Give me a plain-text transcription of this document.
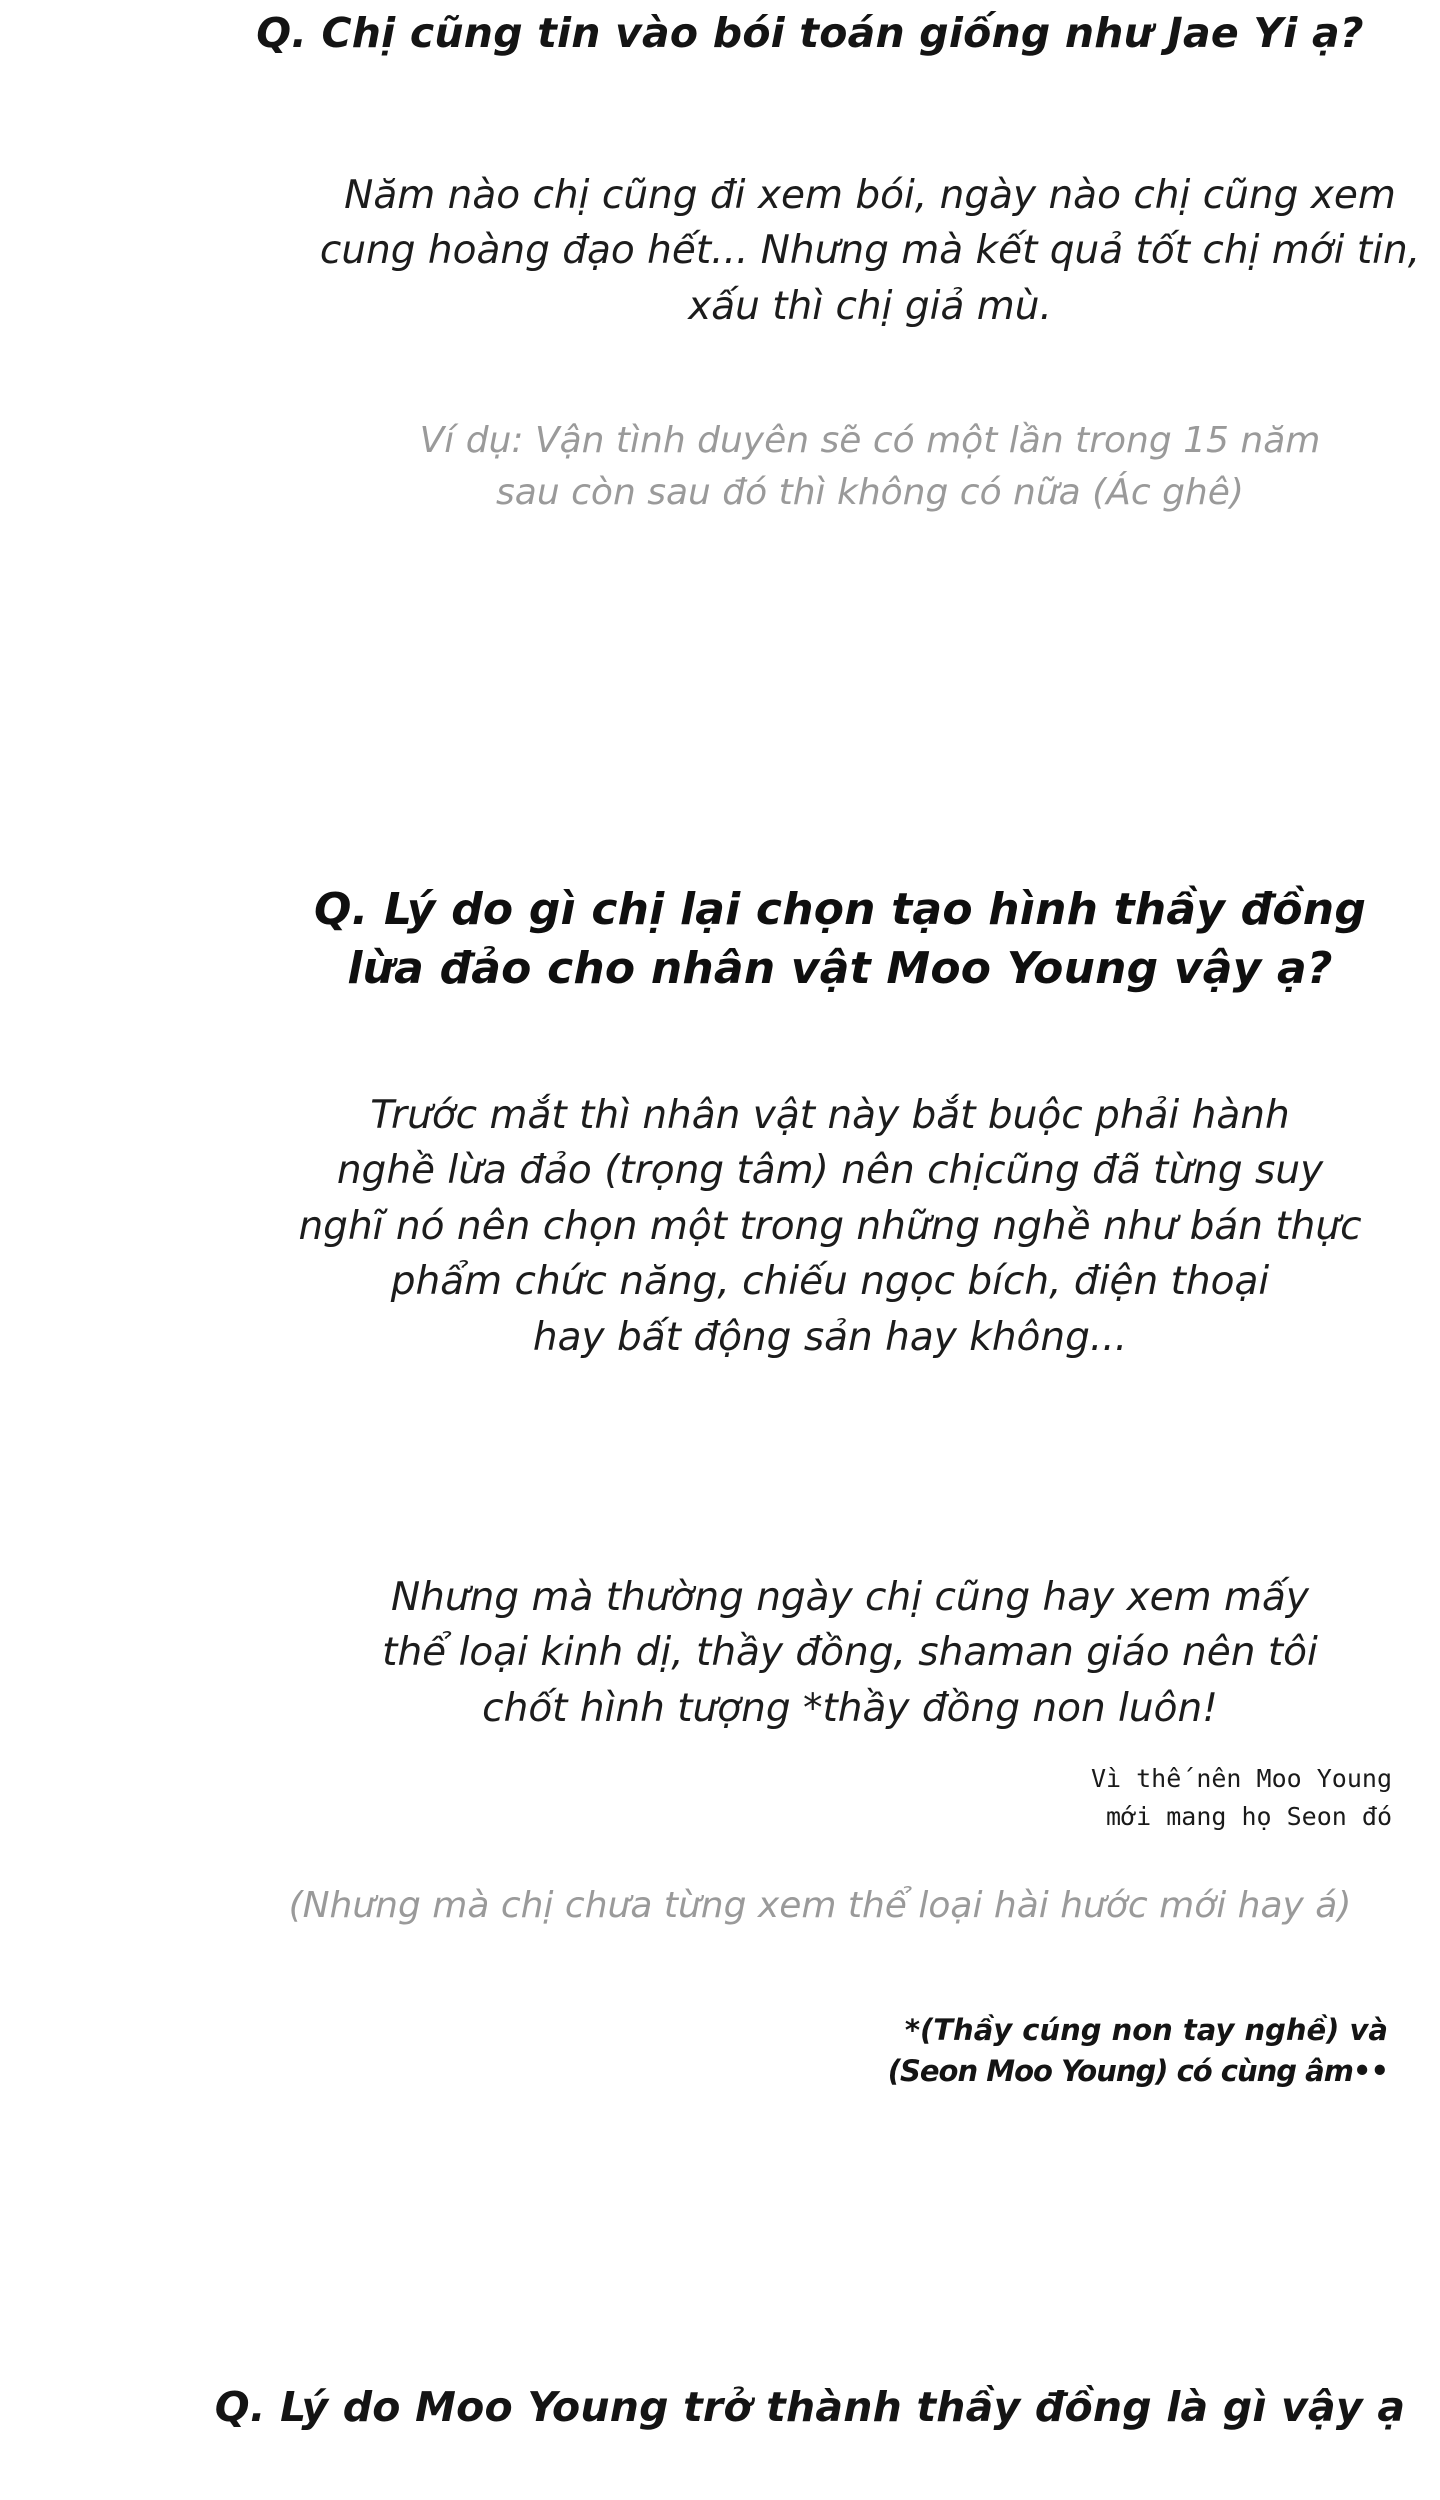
Q. Chị cũng tin vào bói toán giống như Jae Yi ạ?
Năm nào chị cũng đi xem bói, ngày nào chị cũng xem
cung hoàng đạo hết... Nhưng mà kết quả tốt chị mới tin,
xấu thì chị giả mù.
Ví dụ: Vận tình duyên sẽ có một lần trong 15 năm
sau còn sau đó thì không có nữa (Ác ghê)
Q. Lý do gì chị lại chọn tạo hình thầy đồng
lừa đảo cho nhân vật Moo Young vậy ạ?
Trước mắt thì nhân vật này bắt buộc phải hành
nghề lừa đảo (trọng tâm) nên chịcũng đã từng suy
nghĩ nó nên chọn một trong những nghề như bán thực
phẩm chức năng, chiếu ngọc bích, điện thoại
hay bất động sản hay không...
Nhưng mà thường ngày chị cũng hay xem mấy
thể loại kinh dị, thầy đồng, shaman giáo nên tôi
chốt hình tượng *thầy đồng non luôn!
Vì thế nên Moo Young
mới mang họ Seon đó
(Nhưng mà chị chưa từng xem thể loại hài hước mới hay á)
*(Thầy cúng non tay nghề) và
(Seon Moo Young) có cùng âm••
Q. Lý do Moo Young trở thành thầy đồng là gì vậy ạ
